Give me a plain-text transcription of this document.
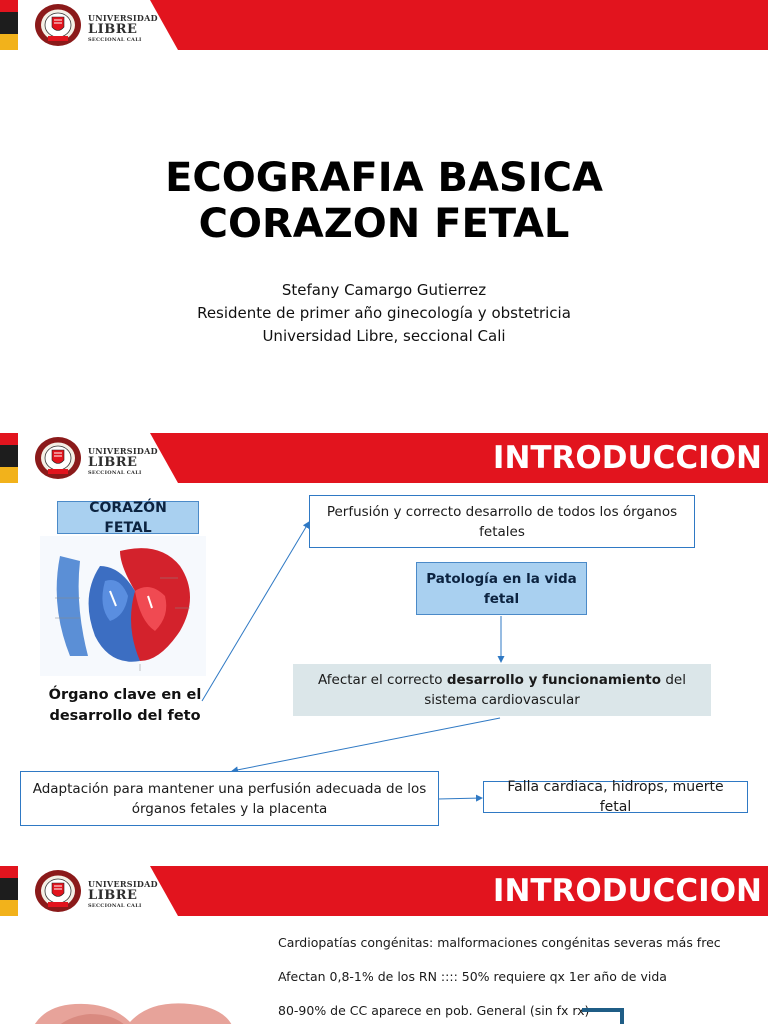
UNIVERSIDAD
LIBRE
SECCIONAL CALI
ECOGRAFIA BASICA
CORAZON FETAL
Stefany Camargo Gutierrez
Residente de primer año ginecología y obstetricia
Universidad Libre, seccional Cali
UNIVERSIDAD
LIBRE
SECCIONAL CALI	INTRODUCCION
CORAZÓN FETAL
Órgano clave en el desarrollo del feto
Perfusión y correcto desarrollo de todos los órganos fetales
Patología en la vida fetal
Afectar el correcto desarrollo y funcionamiento del sistema cardiovascular
Adaptación para mantener una perfusión adecuada de los órganos fetales y la placenta
Falla cardiaca, hidrops, muerte fetal
UNIVERSIDAD
LIBRE
SECCIONAL CALI	INTRODUCCION
Cardiopatías congénitas: malformaciones congénitas severas más frec
Afectan 0,8-1% de los RN :::: 50% requiere qx 1er año de vida
80-90% de CC aparece en pob. General (sin fx rx)
